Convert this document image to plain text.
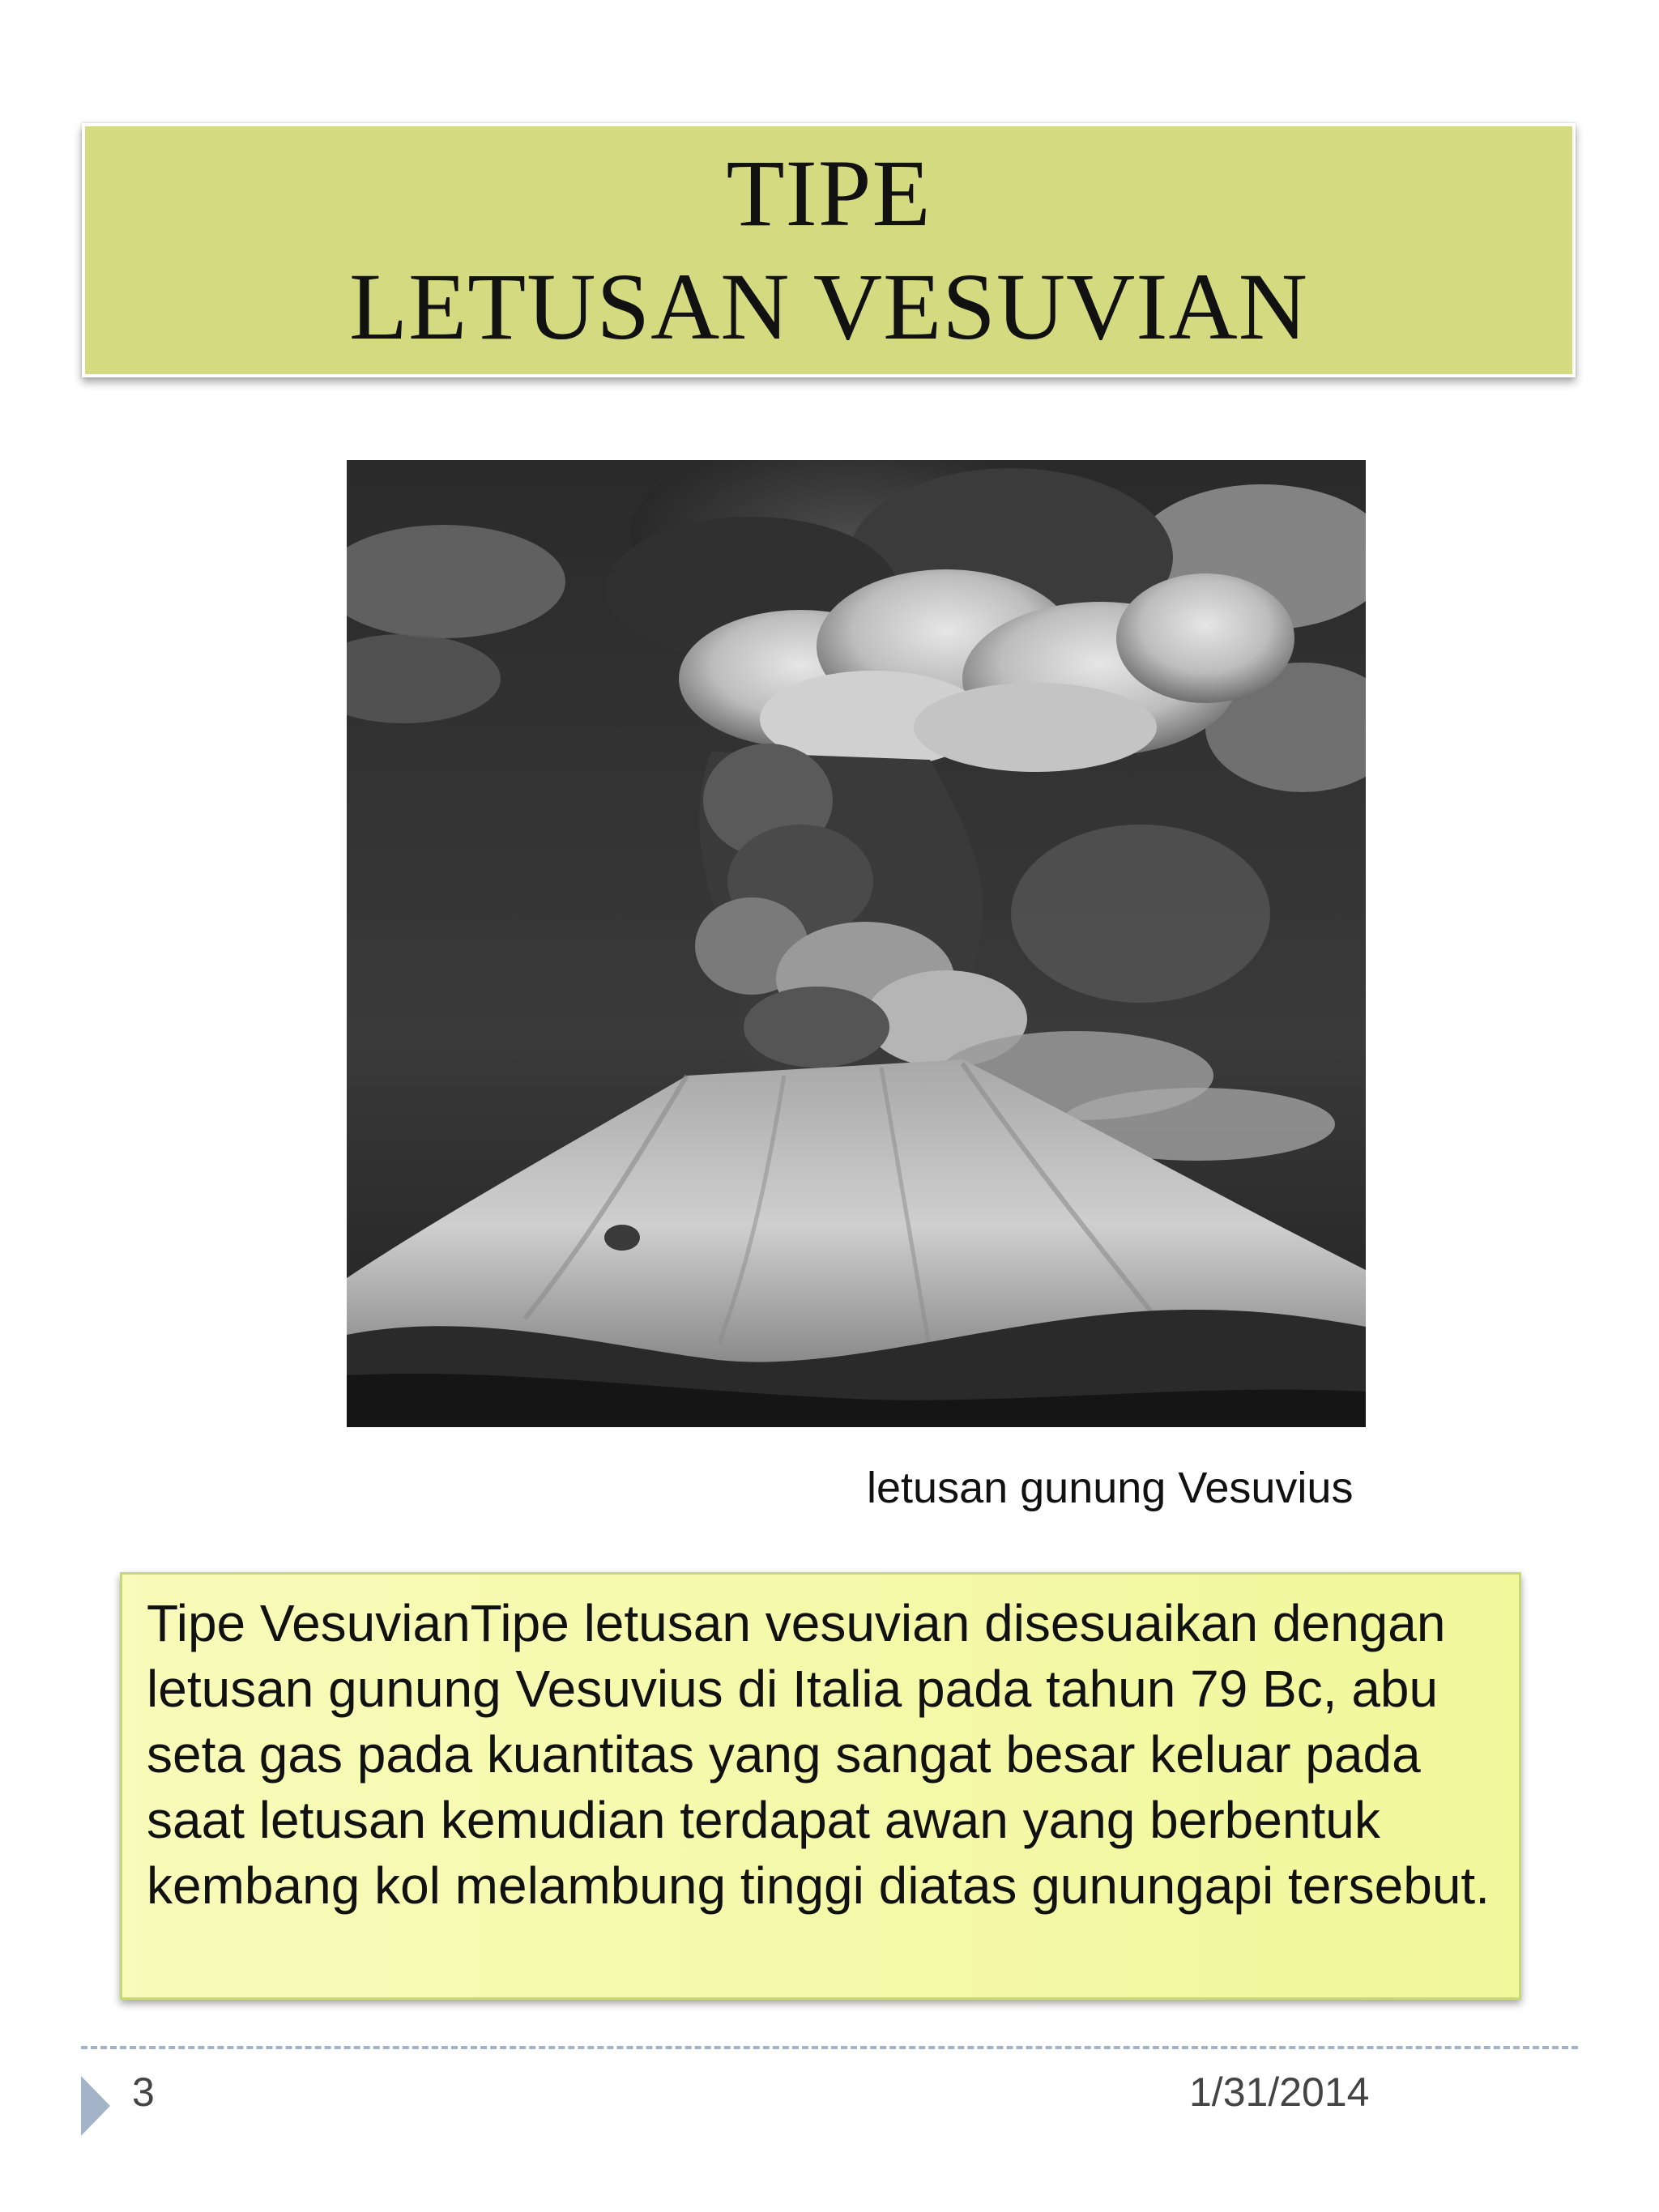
TIPE
LETUSAN VESUVIAN
letusan gunung Vesuvius

Tipe VesuvianTipe letusan vesuvian disesuaikan dengan letusan gunung Vesuvius di Italia pada tahun 79 Bc, abu seta gas pada kuantitas yang sangat besar keluar pada saat letusan kemudian terdapat awan yang berbentuk kembang kol melambung tinggi diatas gunungapi tersebut.

3	1/31/2014
